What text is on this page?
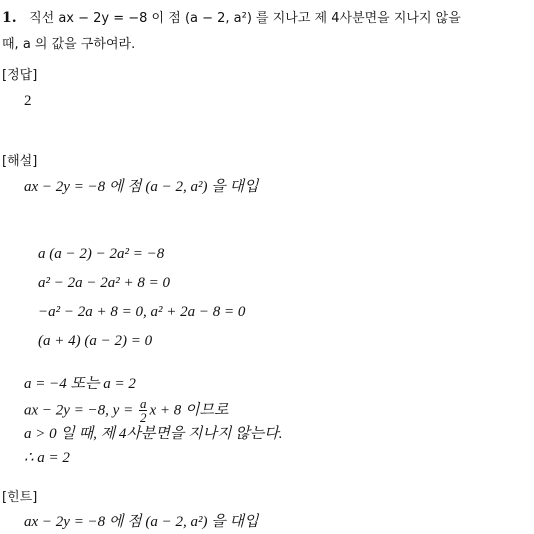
1. 직선 ax − 2y = −8 이 점 (a − 2, a²) 를 지나고 제 4사분면을 지나지 않을
때, a 의 값을 구하여라.
[정답]
2
[해설]
ax − 2y = −8 에 점 (a − 2, a²) 을 대입
a (a − 2) − 2a² = −8
a² − 2a − 2a² + 8 = 0
−a² − 2a + 8 = 0, a² + 2a − 8 = 0
(a + 4) (a − 2) = 0
a = −4 또는 a = 2
ax − 2y = −8, $y = \frac{a}{2}$ x + 8 이므로
a > 0 일 때, 제 4사분면을 지나지 않는다.
∴ a = 2
[힌트]
ax − 2y = −8 에 점 (a − 2, a²) 을 대입
